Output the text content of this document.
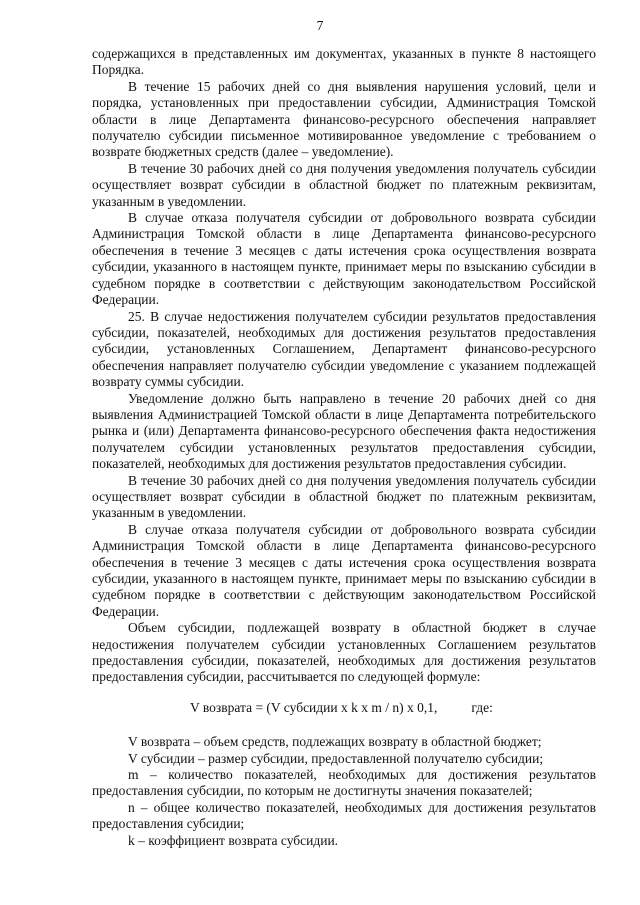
7

содержащихся в представленных им документах, указанных в пункте 8 настоящего Порядка.

В течение 15 рабочих дней со дня выявления нарушения условий, цели и порядка, установленных при предоставлении субсидии, Администрация Томской области в лице Департамента финансово-ресурсного обеспечения направляет получателю субсидии письменное мотивированное уведомление с требованием о возврате бюджетных средств (далее – уведомление).

В течение 30 рабочих дней со дня получения уведомления получатель субсидии осуществляет возврат субсидии в областной бюджет по платежным реквизитам, указанным в уведомлении.

В случае отказа получателя субсидии от добровольного возврата субсидии Администрация Томской области в лице Департамента финансово-ресурсного обеспечения в течение 3 месяцев с даты истечения срока осуществления возврата субсидии, указанного в настоящем пункте, принимает меры по взысканию субсидии в судебном порядке в соответствии с действующим законодательством Российской Федерации.

25. В случае недостижения получателем субсидии результатов предоставления субсидии, показателей, необходимых для достижения результатов предоставления субсидии, установленных Соглашением, Департамент финансово-ресурсного обеспечения направляет получателю субсидии уведомление с указанием подлежащей возврату суммы субсидии.

Уведомление должно быть направлено в течение 20 рабочих дней со дня выявления Администрацией Томской области в лице Департамента потребительского рынка и (или) Департамента финансово-ресурсного обеспечения факта недостижения получателем субсидии установленных результатов предоставления субсидии, показателей, необходимых для достижения результатов предоставления субсидии.

В течение 30 рабочих дней со дня получения уведомления получатель субсидии осуществляет возврат субсидии в областной бюджет по платежным реквизитам, указанным в уведомлении.

В случае отказа получателя субсидии от добровольного возврата субсидии Администрация Томской области в лице Департамента финансово-ресурсного обеспечения в течение 3 месяцев с даты истечения срока осуществления возврата субсидии, указанного в настоящем пункте, принимает меры по взысканию субсидии в судебном порядке в соответствии с действующим законодательством Российской Федерации.

Объем субсидии, подлежащей возврату в областной бюджет в случае недостижения получателем субсидии установленных Соглашением результатов предоставления субсидии, показателей, необходимых для достижения результатов предоставления субсидии, рассчитывается по следующей формуле:

V возврата = (V субсидии x k x m / n) x 0,1,	где:

V возврата – объем средств, подлежащих возврату в областной бюджет;

V субсидии – размер субсидии, предоставленной получателю субсидии;

m – количество показателей, необходимых для достижения результатов предоставления субсидии, по которым не достигнуты значения показателей;

n – общее количество показателей, необходимых для достижения результатов предоставления субсидии;

k – коэффициент возврата субсидии.
